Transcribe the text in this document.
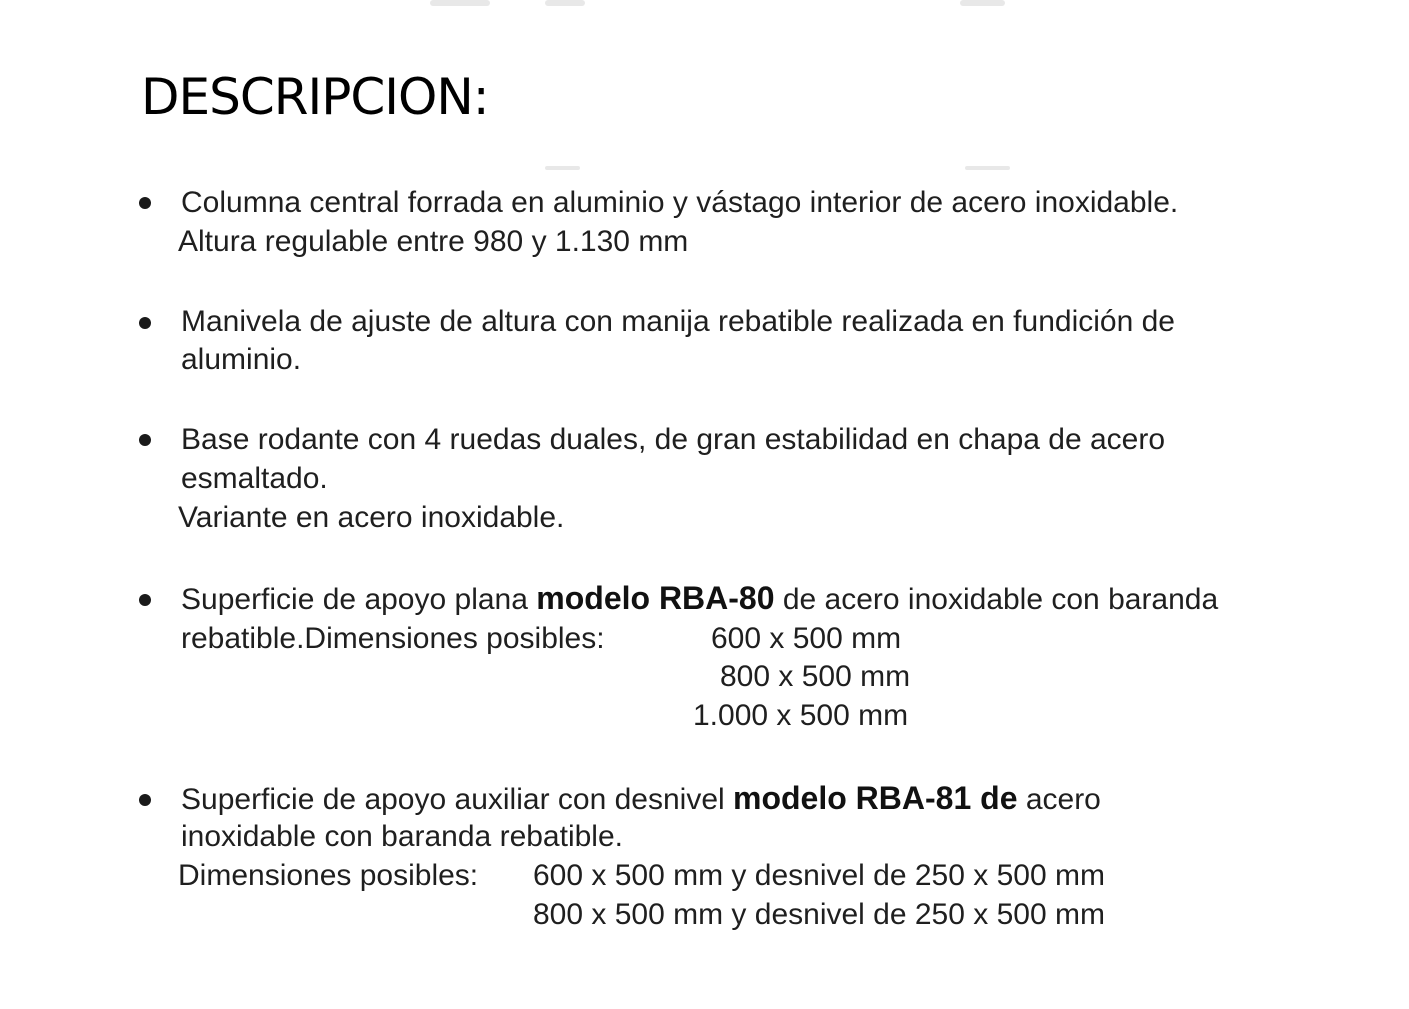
DESCRIPCION:
Columna central forrada en aluminio y vástago interior de acero inoxidable.
Altura regulable entre 980 y 1.130 mm
Manivela de ajuste de altura con manija rebatible realizada en fundición de
aluminio.
Base rodante con 4 ruedas duales, de gran estabilidad en chapa de acero
esmaltado.
Variante en acero inoxidable.
Superficie de apoyo plana modelo RBA-80 de acero inoxidable con baranda
rebatible.Dimensiones posibles:	600 x 500 mm
800 x 500 mm
1.000 x 500 mm
Superficie de apoyo auxiliar con desnivel modelo RBA-81 de acero
inoxidable con baranda rebatible.
Dimensiones posibles: 600 x 500 mm y desnivel de 250 x 500 mm
800 x 500 mm y desnivel de 250 x 500 mm
